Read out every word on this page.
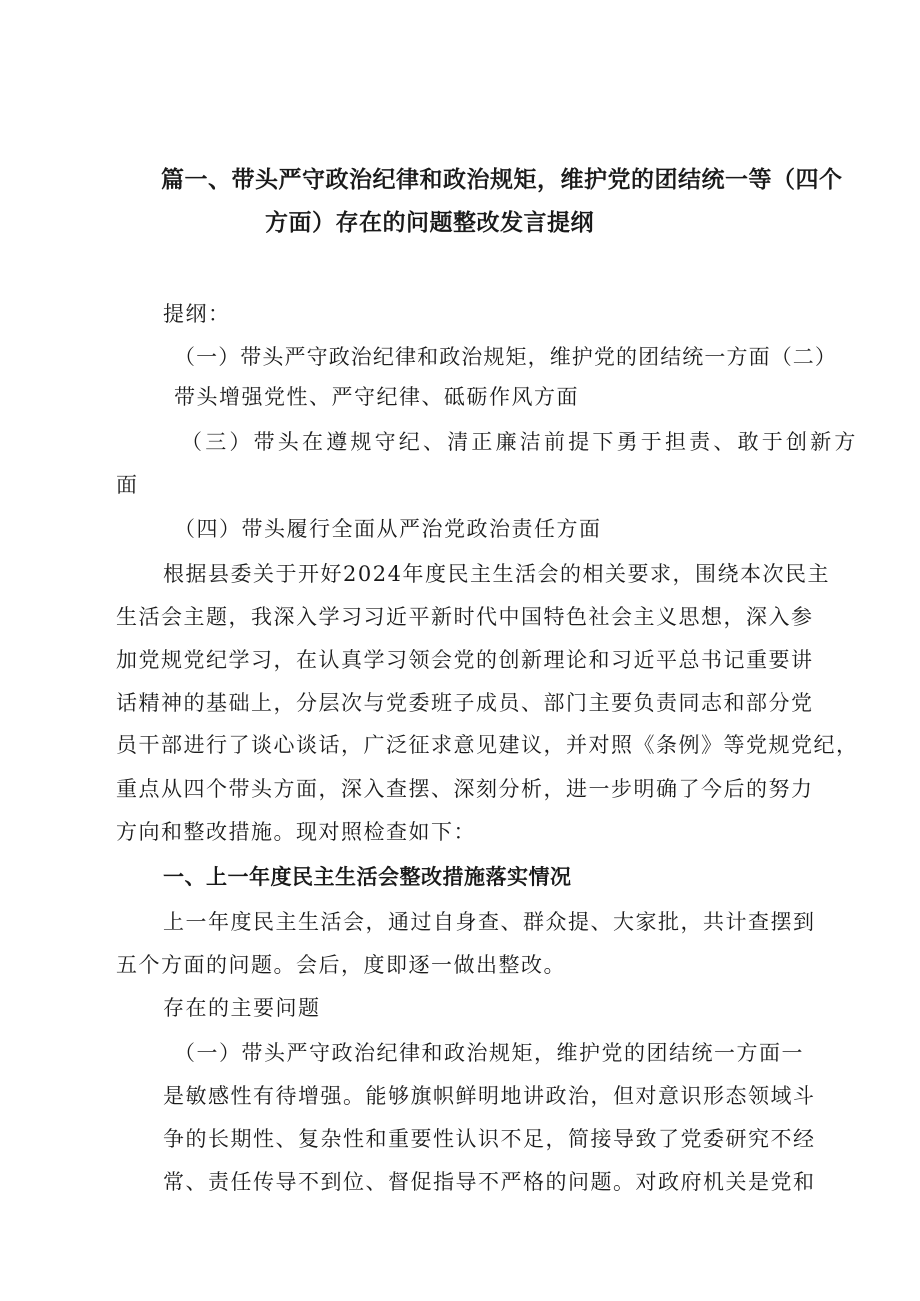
篇一、带头严守政治纪律和政治规矩，维护党的团结统一等（四个
方面）存在的问题整改发言提纲
提纲：
（一）带头严守政治纪律和政治规矩，维护党的团结统一方面（二）
带头增强党性、严守纪律、砥砺作风方面
（三）带头在遵规守纪、清正廉洁前提下勇于担责、敢于创新方
面
（四）带头履行全面从严治党政治责任方面
根据县委关于开好2024年度民主生活会的相关要求，围绕本次民主
生活会主题，我深入学习习近平新时代中国特色社会主义思想，深入参
加党规党纪学习，在认真学习领会党的创新理论和习近平总书记重要讲
话精神的基础上，分层次与党委班子成员、部门主要负责同志和部分党
员干部进行了谈心谈话，广泛征求意见建议，并对照《条例》等党规党纪，
重点从四个带头方面，深入查摆、深刻分析，进一步明确了今后的努力
方向和整改措施。现对照检查如下：
一、上一年度民主生活会整改措施落实情况
上一年度民主生活会，通过自身查、群众提、大家批，共计查摆到
五个方面的问题。会后，度即逐一做出整改。
存在的主要问题
（一）带头严守政治纪律和政治规矩，维护党的团结统一方面一
是敏感性有待增强。能够旗帜鲜明地讲政治，但对意识形态领域斗
争的长期性、复杂性和重要性认识不足，简接导致了党委研究不经
常、责任传导不到位、督促指导不严格的问题。对政府机关是党和
